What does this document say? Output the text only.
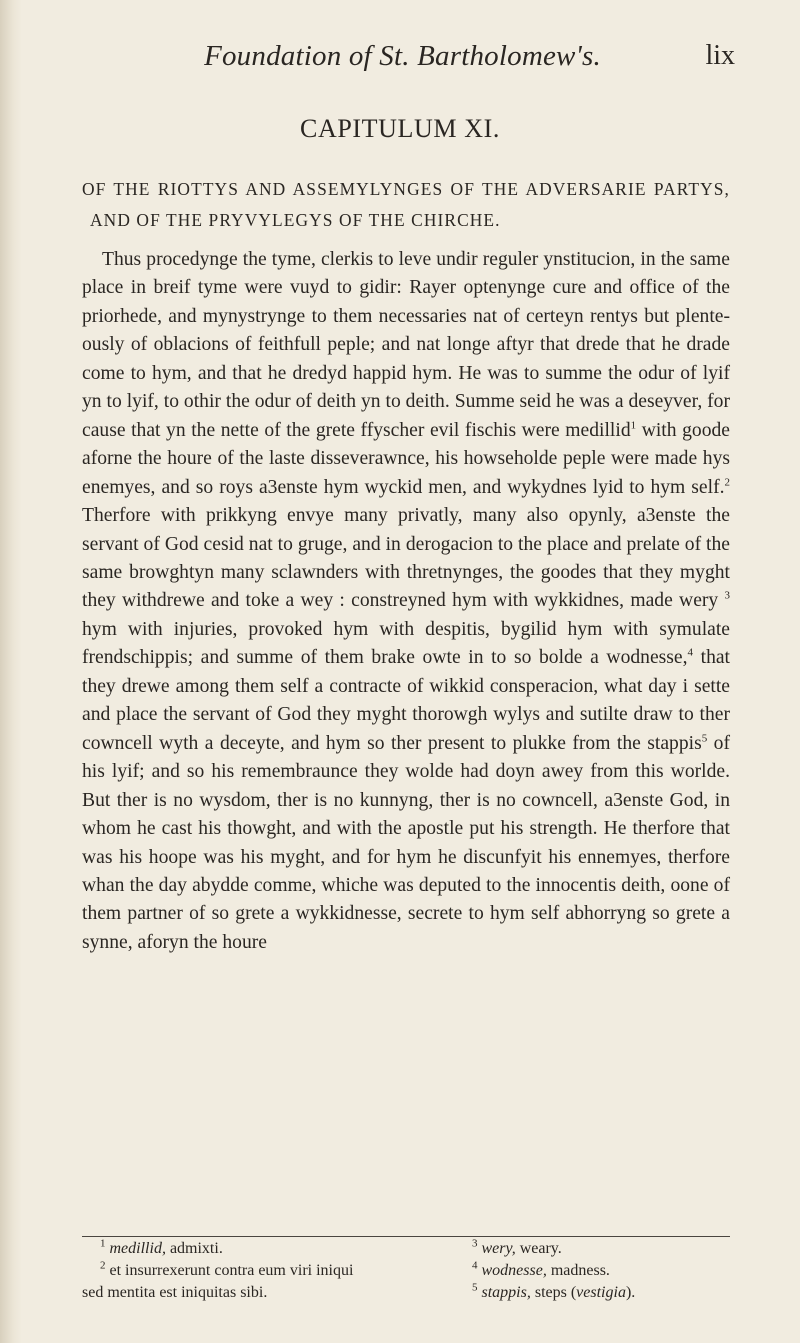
Foundation of St. Bartholomew's.	lix
CAPITULUM XI.
OF THE RIOTTYS AND ASSEMYLYNGES OF THE ADVERSARIE PARTYS, AND OF THE PRYVYLEGYS OF THE CHIRCHE.
Thus procedynge the tyme, clerkis to leve undir reguler ynstitucion, in the same place in breif tyme were vuyd to gidir: Rayer optenynge cure and office of the priorhede, and mynystrynge to them necessaries nat of certeyn rentys but plenteously of oblacions of feithfull peple; and nat longe aftyr that drede that he drade come to hym, and that he dredyd happid hym. He was to summe the odur of lyif yn to lyif, to othir the odur of deith yn to deith. Summe seid he was a deseyver, for cause that yn the nette of the grete ffyscher evil fischis were medillid$^1$ with goode aforne the houre of the laste disseverawnce, his howseholde peple were made hys enemyes, and so roys a3enste hym wyckid men, and wykydnes lyid to hym self.$^2$ Therfore with prikkyng envye many privatly, many also opynly, a3enste the servant of God cesid nat to gruge, and in derogacion to the place and prelate of the same browghtyn many sclawnders with thretnynges, the goodes that they myght they withdrewe and toke a wey : constreyned hym with wykkidnes, made wery $^3$ hym with injuries, provoked hym with despitis, bygilid hym with symulate frendschippis; and summe of them brake owte in to so bolde a wodnesse,$^4$ that they drewe among them self a contracte of wikkid consperacion, what day i sette and place the servant of God they myght thorowgh wylys and sutilte draw to ther cowncell wyth a deceyte, and hym so ther present to plukke from the stappis$^5$ of his lyif; and so his remembraunce they wolde had doyn awey from this worlde. But ther is no wysdom, ther is no kunnyng, ther is no cowncell, a3enste God, in whom he cast his thowght, and with the apostle put his strength. He therfore that was his hoope was his myght, and for hym he discunfyit his ennemyes, therfore whan the day abydde comme, whiche was deputed to the innocentis deith, oone of them partner of so grete a wykkidnesse, secrete to hym self abhorryng so grete a synne, aforyn the houre

$^1$ medillid, admixti.

$^2$ et insurrexerunt contra eum viri iniqui

sed mentita est iniquitas sibi.

$^3$ wery, weary.

$^4$ wodnesse, madness.

$^5$ stappis, steps (vestigia).
